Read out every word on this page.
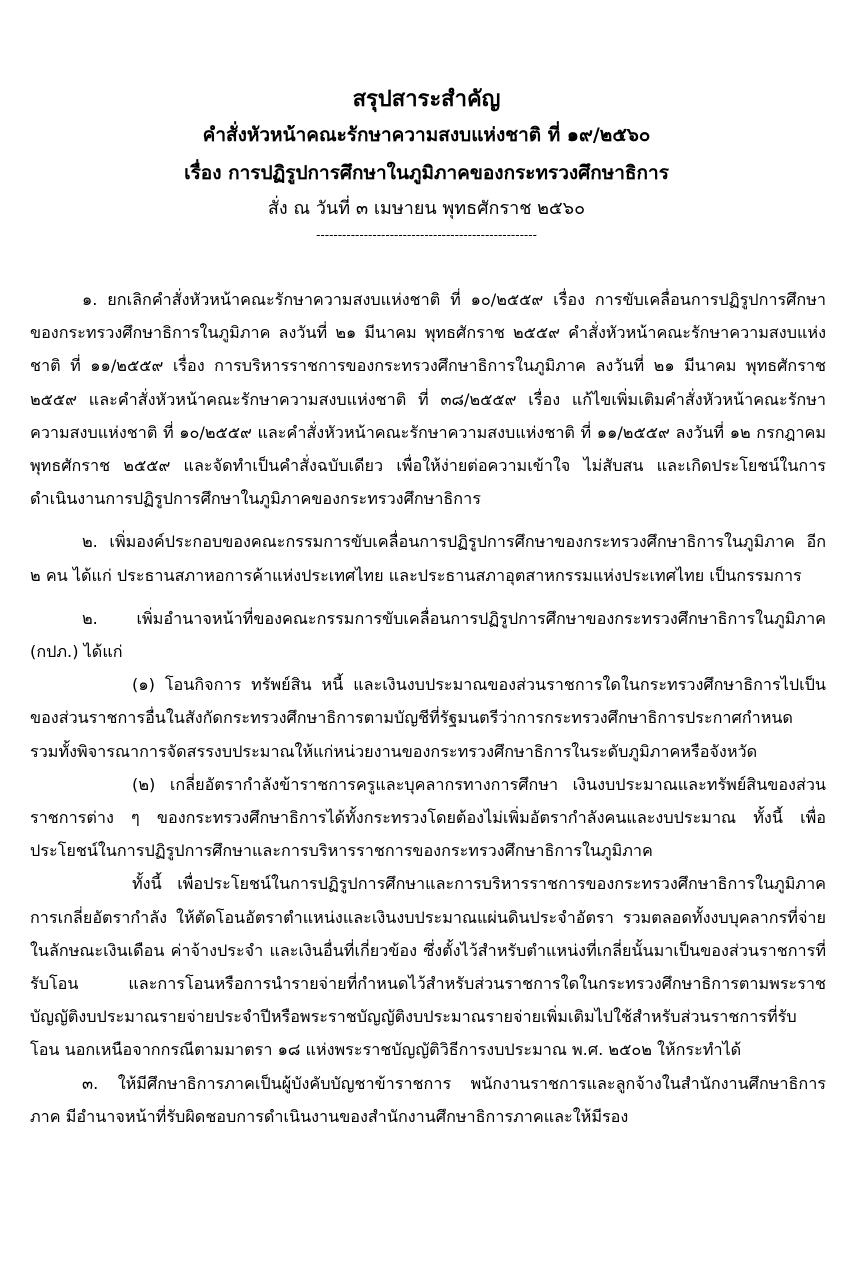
สรุปสาระสำคัญ

คำสั่งหัวหน้าคณะรักษาความสงบแห่งชาติ ที่ ๑๙/๒๕๖๐

เรื่อง การปฏิรูปการศึกษาในภูมิภาคของกระทรวงศึกษาธิการ

สั่ง ณ วันที่ ๓ เมษายน พุทธศักราช ๒๕๖๐

---------------------------------------------------

๑. ยกเลิกคำสั่งหัวหน้าคณะรักษาความสงบแห่งชาติ ที่ ๑๐/๒๕๕๙ เรื่อง การขับเคลื่อนการปฏิรูปการศึกษาของกระทรวงศึกษาธิการในภูมิภาค ลงวันที่ ๒๑ มีนาคม พุทธศักราช ๒๕๕๙ คำสั่งหัวหน้าคณะรักษาความสงบแห่งชาติ ที่ ๑๑/๒๕๕๙ เรื่อง การบริหารราชการของกระทรวงศึกษาธิการในภูมิภาค ลงวันที่ ๒๑ มีนาคม พุทธศักราช ๒๕๕๙ และคำสั่งหัวหน้าคณะรักษาความสงบแห่งชาติ ที่ ๓๘/๒๕๕๙ เรื่อง แก้ไขเพิ่มเติมคำสั่งหัวหน้าคณะรักษาความสงบแห่งชาติ ที่ ๑๐/๒๕๕๙ และคำสั่งหัวหน้าคณะรักษาความสงบแห่งชาติ ที่ ๑๑/๒๕๕๙ ลงวันที่ ๑๒ กรกฎาคม พุทธศักราช ๒๕๕๙ และจัดทำเป็นคำสั่งฉบับเดียว เพื่อให้ง่ายต่อความเข้าใจ ไม่สับสน และเกิดประโยชน์ในการดำเนินงานการปฏิรูปการศึกษาในภูมิภาคของกระทรวงศึกษาธิการ

๒. เพิ่มองค์ประกอบของคณะกรรมการขับเคลื่อนการปฏิรูปการศึกษาของกระทรวงศึกษาธิการในภูมิภาค อีก ๒ คน ได้แก่ ประธานสภาหอการค้าแห่งประเทศไทย และประธานสภาอุตสาหกรรมแห่งประเทศไทย เป็นกรรมการ

๒. เพิ่มอำนาจหน้าที่ของคณะกรรมการขับเคลื่อนการปฏิรูปการศึกษาของกระทรวงศึกษาธิการในภูมิภาค (กปภ.) ได้แก่

(๑) โอนกิจการ ทรัพย์สิน หนี้ และเงินงบประมาณของส่วนราชการใดในกระทรวงศึกษาธิการไปเป็นของส่วนราชการอื่นในสังกัดกระทรวงศึกษาธิการตามบัญชีที่รัฐมนตรีว่าการกระทรวงศึกษาธิการประกาศกำหนด รวมทั้งพิจารณาการจัดสรรงบประมาณให้แก่หน่วยงานของกระทรวงศึกษาธิการในระดับภูมิภาคหรือจังหวัด

(๒) เกลี่ยอัตรากำลังข้าราชการครูและบุคลากรทางการศึกษา เงินงบประมาณและทรัพย์สินของส่วนราชการต่าง ๆ ของกระทรวงศึกษาธิการได้ทั้งกระทรวงโดยต้องไม่เพิ่มอัตรากำลังคนและงบประมาณ ทั้งนี้ เพื่อประโยชน์ในการปฏิรูปการศึกษาและการบริหารราชการของกระทรวงศึกษาธิการในภูมิภาค

ทั้งนี้ เพื่อประโยชน์ในการปฏิรูปการศึกษาและการบริหารราชการของกระทรวงศึกษาธิการในภูมิภาค การเกลี่ยอัตรากำลัง ให้ตัดโอนอัตราตำแหน่งและเงินงบประมาณแผ่นดินประจำอัตรา รวมตลอดทั้งงบบุคลากรที่จ่ายในลักษณะเงินเดือน ค่าจ้างประจำ และเงินอื่นที่เกี่ยวข้อง ซึ่งตั้งไว้สำหรับตำแหน่งที่เกลี่ยนั้นมาเป็นของส่วนราชการที่รับโอน และการโอนหรือการนำรายจ่ายที่กำหนดไว้สำหรับส่วนราชการใดในกระทรวงศึกษาธิการตามพระราชบัญญัติงบประมาณรายจ่ายประจำปีหรือพระราชบัญญัติงบประมาณรายจ่ายเพิ่มเติมไปใช้สำหรับส่วนราชการที่รับโอน นอกเหนือจากกรณีตามมาตรา ๑๘ แห่งพระราชบัญญัติวิธีการงบประมาณ พ.ศ. ๒๕๐๒ ให้กระทำได้

๓. ให้มีศึกษาธิการภาคเป็นผู้บังคับบัญชาข้าราชการ พนักงานราชการและลูกจ้างในสำนักงานศึกษาธิการภาค มีอำนาจหน้าที่รับผิดชอบการดำเนินงานของสำนักงานศึกษาธิการภาคและให้มีรอง
